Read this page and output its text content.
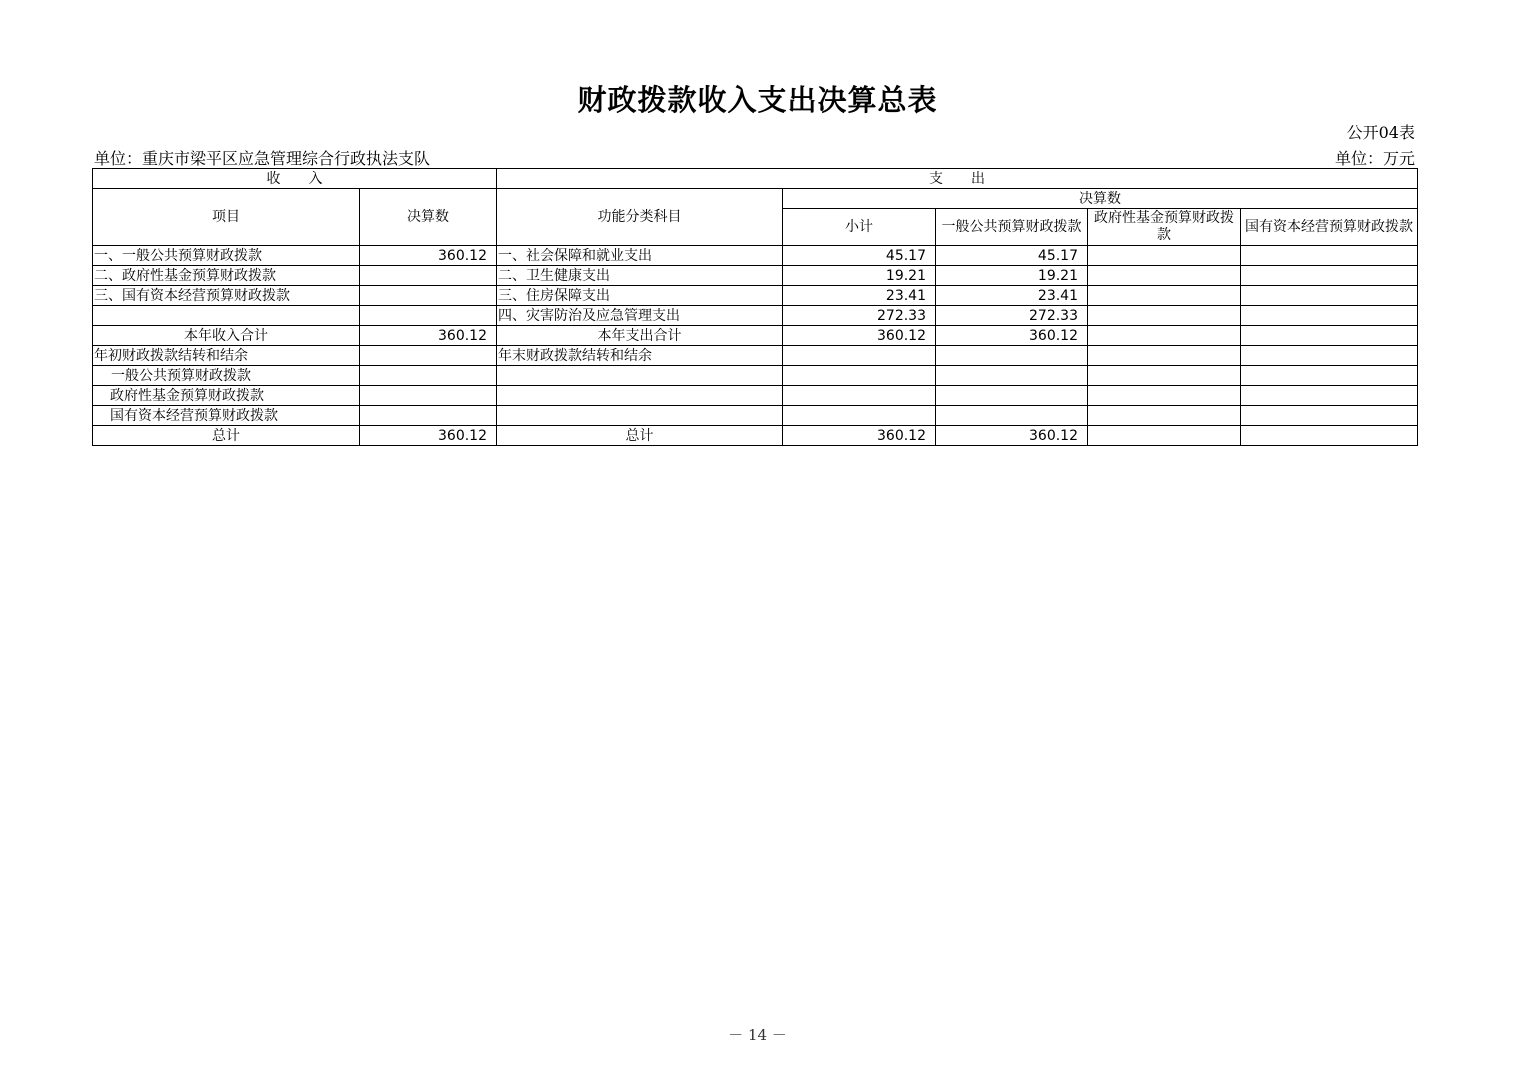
财政拨款收入支出决算总表
公开04表
单位：重庆市梁平区应急管理综合行政执法支队	单位：万元
收　　入		支　　出				
项目	决算数	功能分类科目	决算数			
			小计	一般公共预算财政拨款	政府性基金预算财政拨款	国有资本经营预算财政拨款
一、一般公共预算财政拨款	360.12	一、社会保障和就业支出	45.17	45.17		
二、政府性基金预算财政拨款		二、卫生健康支出	19.21	19.21		
三、国有资本经营预算财政拨款		三、住房保障支出	23.41	23.41		
		四、灾害防治及应急管理支出	272.33	272.33		
本年收入合计	360.12	本年支出合计	360.12	360.12		
年初财政拨款结转和结余		年末财政拨款结转和结余				
一般公共预算财政拨款						
政府性基金预算财政拨款						
国有资本经营预算财政拨款						
总计	360.12	总计	360.12	360.12		
－ 14 －
